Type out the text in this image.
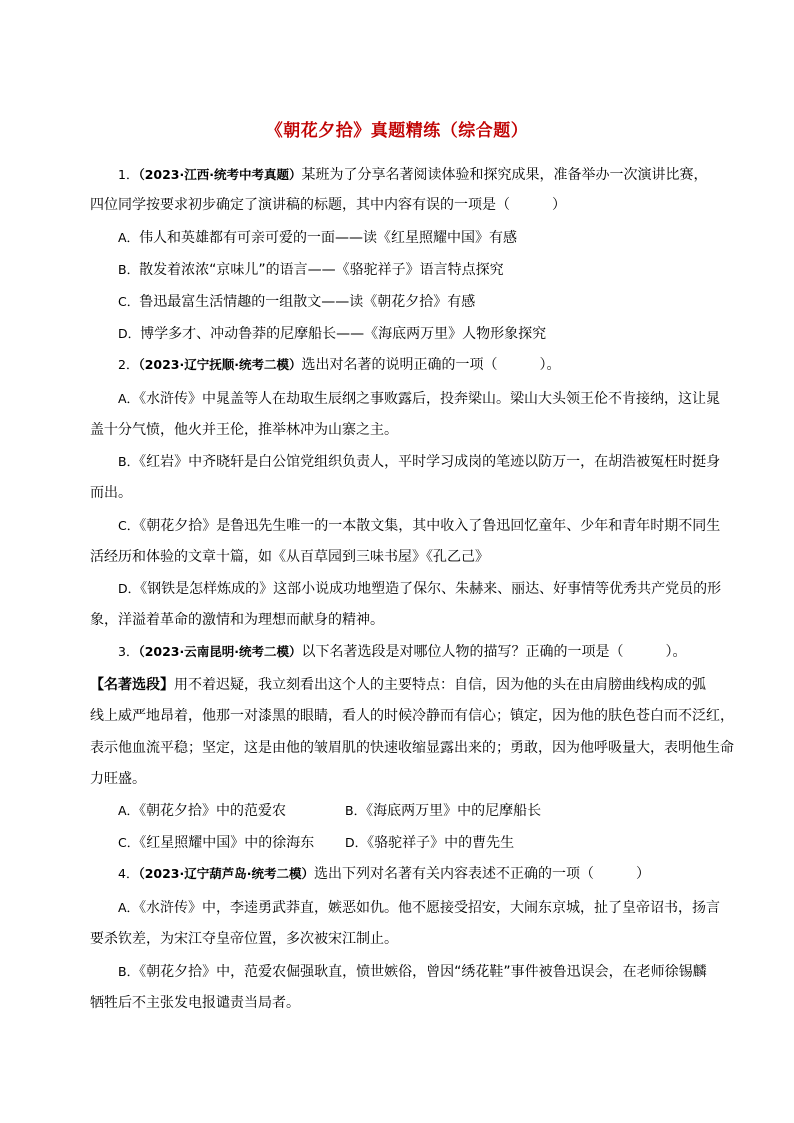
《朝花夕拾》真题精练（综合题）
1．（2023·江西·统考中考真题）某班为了分享名著阅读体验和探究成果，准备举办一次演讲比赛，
四位同学按要求初步确定了演讲稿的标题，其中内容有误的一项是（　　　）
A．伟人和英雄都有可亲可爱的一面——读《红星照耀中国》有感
B．散发着浓浓“京味儿”的语言——《骆驼祥子》语言特点探究
C．鲁迅最富生活情趣的一组散文——读《朝花夕拾》有感
D．博学多才、冲动鲁莽的尼摩船长——《海底两万里》人物形象探究
2．（2023·辽宁抚顺·统考二模）选出对名著的说明正确的一项（　　　）。
A．《水浒传》中晁盖等人在劫取生辰纲之事败露后，投奔梁山。梁山大头领王伦不肯接纳，这让晁
盖十分气愤，他火并王伦，推举林冲为山寨之主。
B．《红岩》中齐晓轩是白公馆党组织负责人，平时学习成岗的笔迹以防万一，在胡浩被冤枉时挺身
而出。
C．《朝花夕拾》是鲁迅先生唯一的一本散文集，其中收入了鲁迅回忆童年、少年和青年时期不同生
活经历和体验的文章十篇，如《从百草园到三味书屋》《孔乙己》
D．《钢铁是怎样炼成的》这部小说成功地塑造了保尔、朱赫来、丽达、好事情等优秀共产党员的形
象，洋溢着革命的激情和为理想而献身的精神。
3．（2023·云南昆明·统考二模）以下名著选段是对哪位人物的描写？正确的一项是（　　　）。
【名著选段】用不着迟疑，我立刻看出这个人的主要特点：自信，因为他的头在由肩膀曲线构成的弧
线上威严地昂着，他那一对漆黑的眼睛，看人的时候冷静而有信心；镇定，因为他的肤色苍白而不泛红，
表示他血流平稳；坚定，这是由他的皱眉肌的快速收缩显露出来的；勇敢，因为他呼吸量大，表明他生命
力旺盛。
A．《朝花夕拾》中的范爱农	B．《海底两万里》中的尼摩船长
C．《红星照耀中国》中的徐海东 D．《骆驼祥子》中的曹先生
4．（2023·辽宁葫芦岛·统考二模）选出下列对名著有关内容表述不正确的一项（　　　）
A．《水浒传》中，李逵勇武莽直，嫉恶如仇。他不愿接受招安，大闹东京城，扯了皇帝诏书，扬言
要杀钦差，为宋江夺皇帝位置，多次被宋江制止。
B．《朝花夕拾》中，范爱农倔强耿直，愤世嫉俗，曾因“绣花鞋”事件被鲁迅误会，在老师徐锡麟
牺牲后不主张发电报谴责当局者。
